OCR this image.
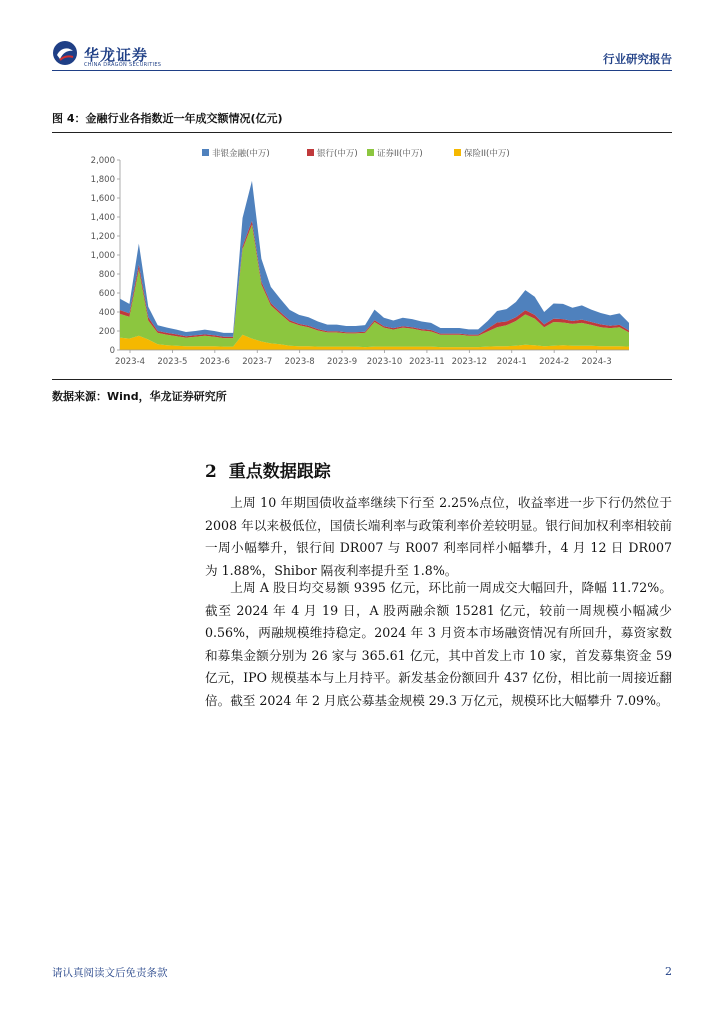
华龙证券
CHINA DRAGON SECURITIES	行业研究报告
图 4：金融行业各指数近一年成交额情况(亿元)
0
200
400
600
800
1,000
1,200
1,400
1,600
1,800
2,000
2023-4 2023-5 2023-6 2023-7 2023-8 2023-9 2023-10 2023-11 2023-12 2024-1 2024-2 2024-3
非银金融(中万)	银行(中万) 证券II(中万)	保险II(中万)
数据来源：Wind，华龙证券研究所
2 重点数据跟踪

上周 10 年期国债收益率继续下行至 2.25%点位，收益率进一步下行仍然位于 2008 年以来极低位，国债长端利率与政策利率价差较明显。银行间加权利率相较前一周小幅攀升，银行间 DR007 与 R007 利率同样小幅攀升，4 月 12 日 DR007 为 1.88%，Shibor 隔夜利率提升至 1.8%。

上周 A 股日均交易额 9395 亿元，环比前一周成交大幅回升，降幅 11.72%。截至 2024 年 4 月 19 日，A 股两融余额 15281 亿元，较前一周规模小幅减少 0.56%，两融规模维持稳定。2024 年 3 月资本市场融资情况有所回升，募资家数和募集金额分别为 26 家与 365.61 亿元，其中首发上市 10 家，首发募集资金 59 亿元，IPO 规模基本与上月持平。新发基金份额回升 437 亿份，相比前一周接近翻倍。截至 2024 年 2 月底公募基金规模 29.3 万亿元，规模环比大幅攀升 7.09%。

请认真阅读文后免责条款	2
